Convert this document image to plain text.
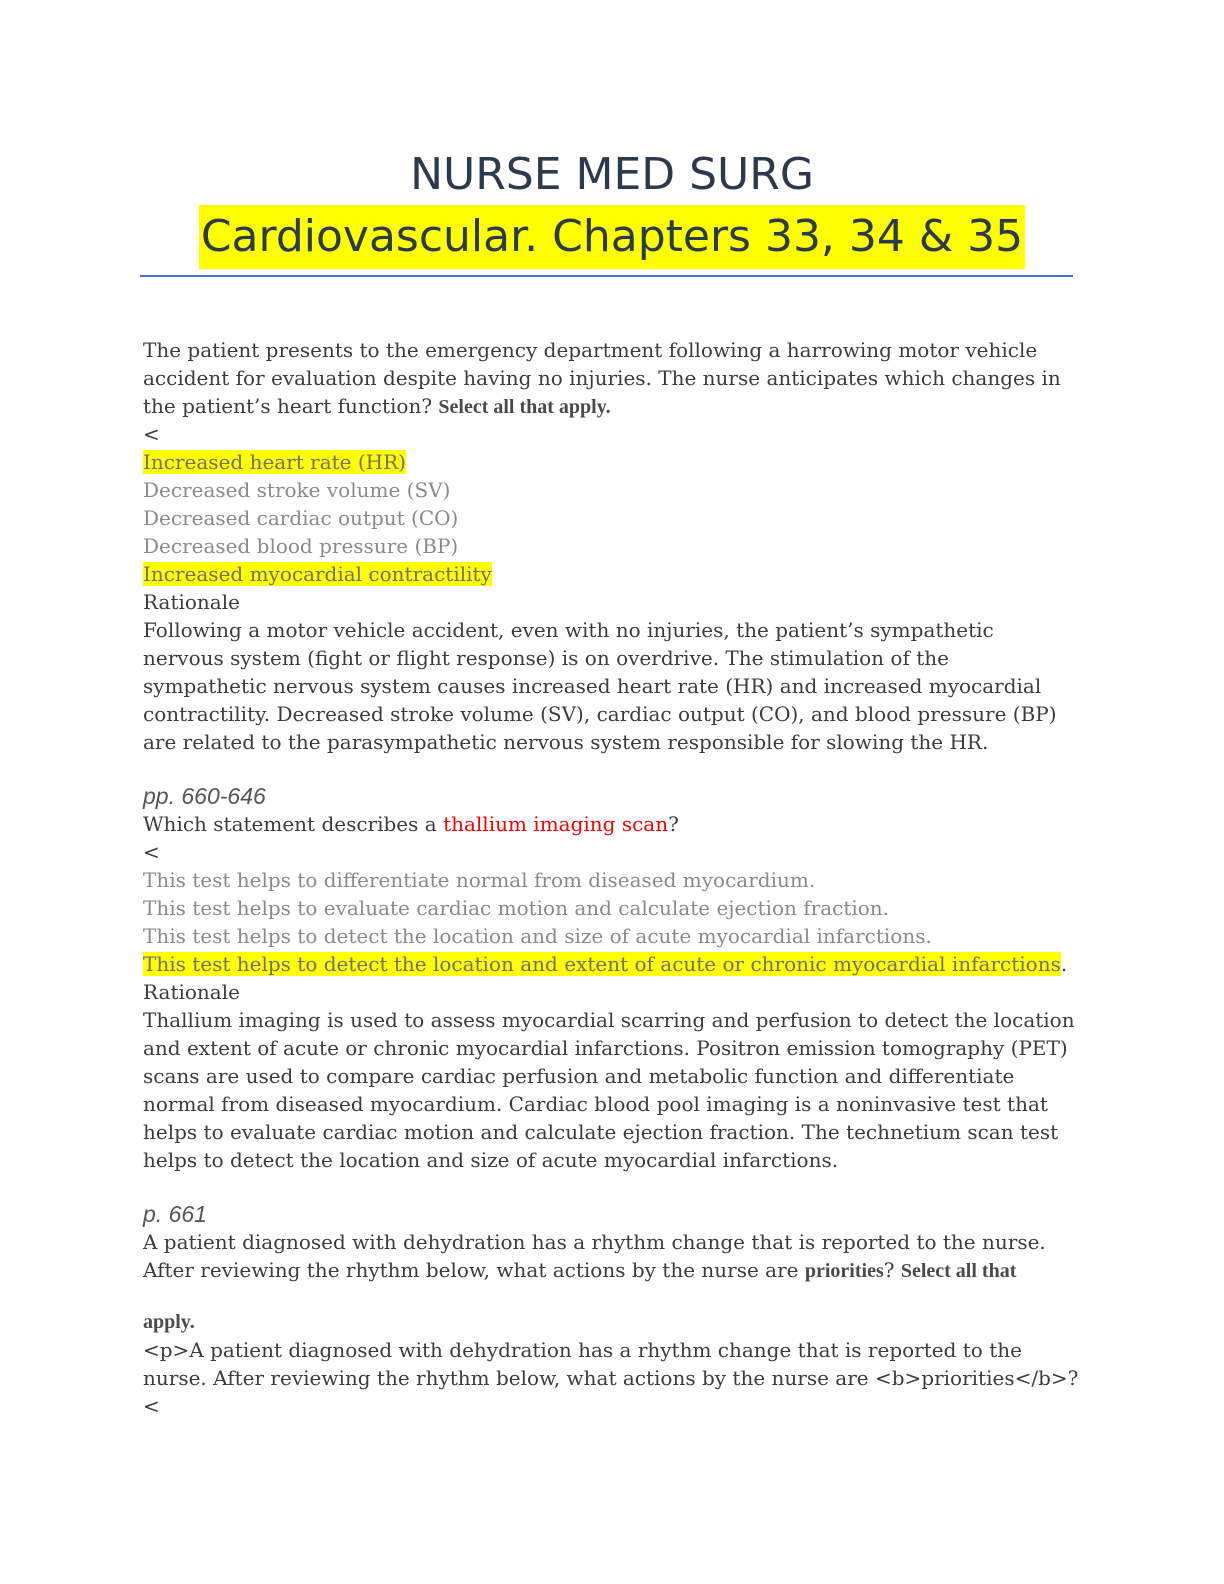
NURSE MED SURG
Cardiovascular. Chapters 33, 34 & 35
The patient presents to the emergency department following a harrowing motor vehicle
accident for evaluation despite having no injuries. The nurse anticipates which changes in
the patient’s heart function? Select all that apply.
<
Increased heart rate (HR)
Decreased stroke volume (SV)
Decreased cardiac output (CO)
Decreased blood pressure (BP)
Increased myocardial contractility
Rationale
Following a motor vehicle accident, even with no injuries, the patient’s sympathetic
nervous system (fight or flight response) is on overdrive. The stimulation of the
sympathetic nervous system causes increased heart rate (HR) and increased myocardial
contractility. Decreased stroke volume (SV), cardiac output (CO), and blood pressure (BP)
are related to the parasympathetic nervous system responsible for slowing the HR.
pp. 660-646
Which statement describes a thallium imaging scan?
<
This test helps to differentiate normal from diseased myocardium.
This test helps to evaluate cardiac motion and calculate ejection fraction.
This test helps to detect the location and size of acute myocardial infarctions.
This test helps to detect the location and extent of acute or chronic myocardial infarctions.
Rationale
Thallium imaging is used to assess myocardial scarring and perfusion to detect the location
and extent of acute or chronic myocardial infarctions. Positron emission tomography (PET)
scans are used to compare cardiac perfusion and metabolic function and differentiate
normal from diseased myocardium. Cardiac blood pool imaging is a noninvasive test that
helps to evaluate cardiac motion and calculate ejection fraction. The technetium scan test
helps to detect the location and size of acute myocardial infarctions.
p. 661
A patient diagnosed with dehydration has a rhythm change that is reported to the nurse.
After reviewing the rhythm below, what actions by the nurse are priorities? Select all that
apply.
<p>A patient diagnosed with dehydration has a rhythm change that is reported to the
nurse. After reviewing the rhythm below, what actions by the nurse are <b>priorities</b>?
<
